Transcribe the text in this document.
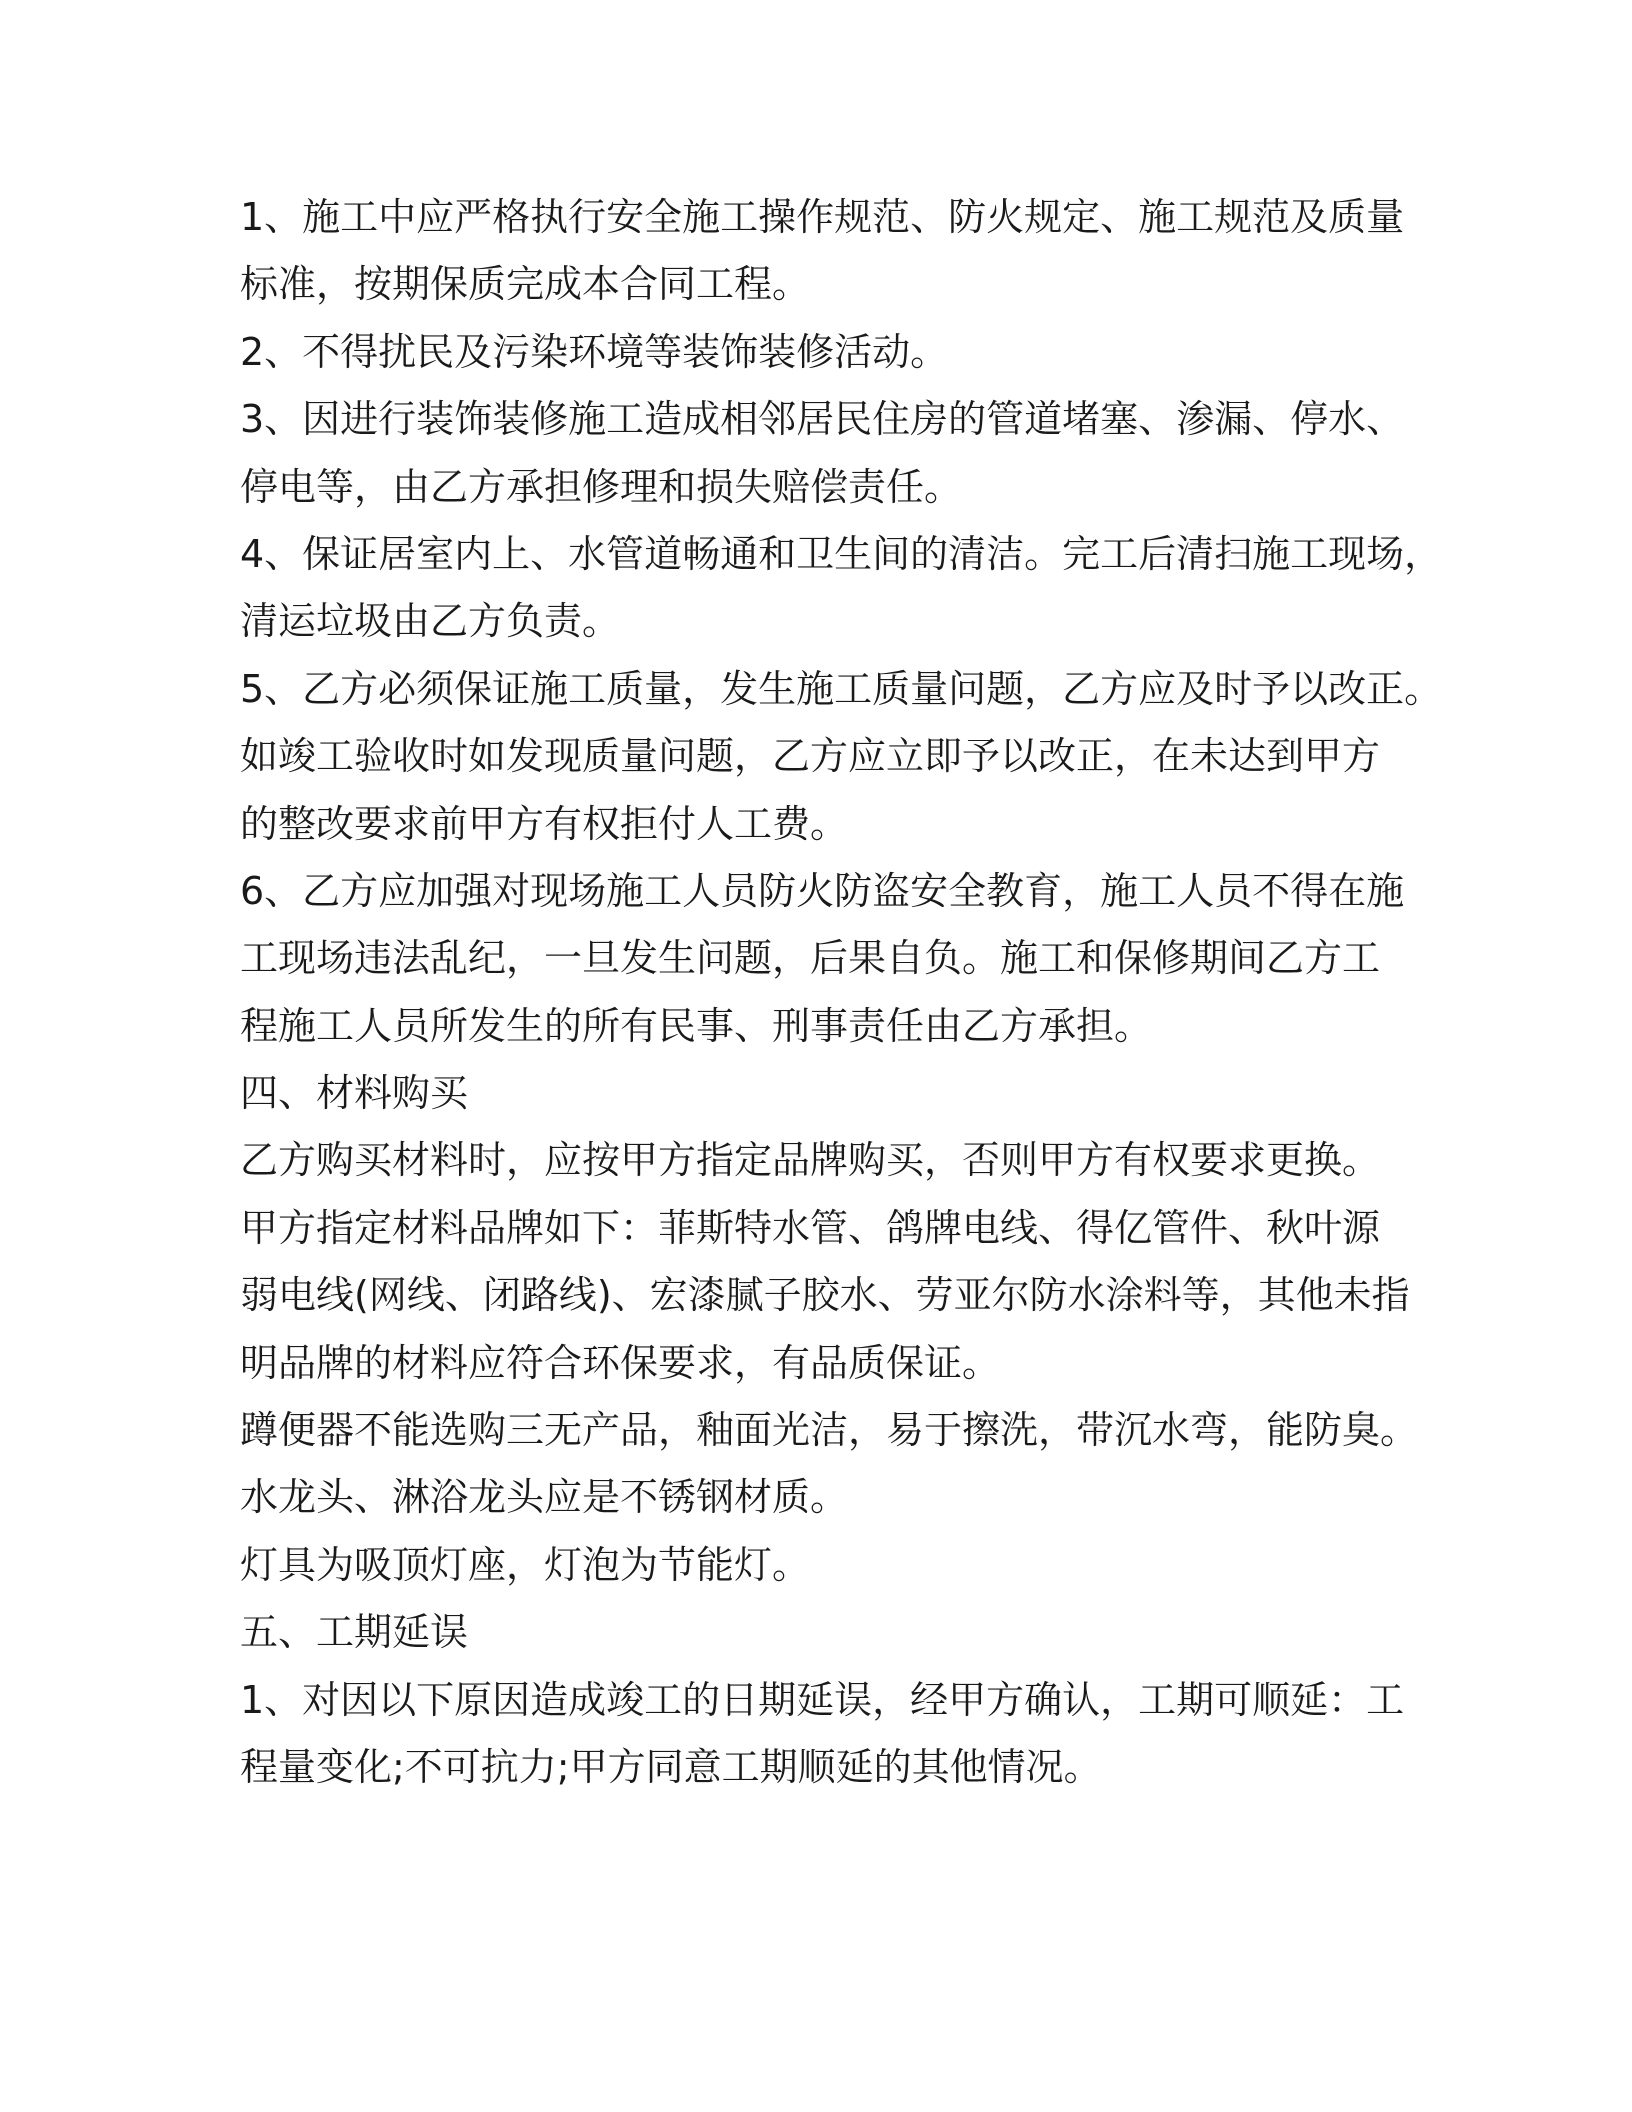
1、施工中应严格执行安全施工操作规范、防火规定、施工规范及质量
标准，按期保质完成本合同工程。
2、不得扰民及污染环境等装饰装修活动。
3、因进行装饰装修施工造成相邻居民住房的管道堵塞、渗漏、停水、
停电等，由乙方承担修理和损失赔偿责任。
4、保证居室内上、水管道畅通和卫生间的清洁。完工后清扫施工现场，
清运垃圾由乙方负责。
5、乙方必须保证施工质量，发生施工质量问题，乙方应及时予以改正。
如竣工验收时如发现质量问题，乙方应立即予以改正，在未达到甲方
的整改要求前甲方有权拒付人工费。
6、乙方应加强对现场施工人员防火防盗安全教育，施工人员不得在施
工现场违法乱纪，一旦发生问题，后果自负。施工和保修期间乙方工
程施工人员所发生的所有民事、刑事责任由乙方承担。
四、材料购买
乙方购买材料时，应按甲方指定品牌购买，否则甲方有权要求更换。
甲方指定材料品牌如下：菲斯特水管、鸽牌电线、得亿管件、秋叶源
弱电线(网线、闭路线)、宏漆腻子胶水、劳亚尔防水涂料等，其他未指
明品牌的材料应符合环保要求，有品质保证。
蹲便器不能选购三无产品，釉面光洁，易于擦洗，带沉水弯，能防臭。
水龙头、淋浴龙头应是不锈钢材质。
灯具为吸顶灯座，灯泡为节能灯。
五、工期延误
1、对因以下原因造成竣工的日期延误，经甲方确认，工期可顺延：工
程量变化;不可抗力;甲方同意工期顺延的其他情况。
